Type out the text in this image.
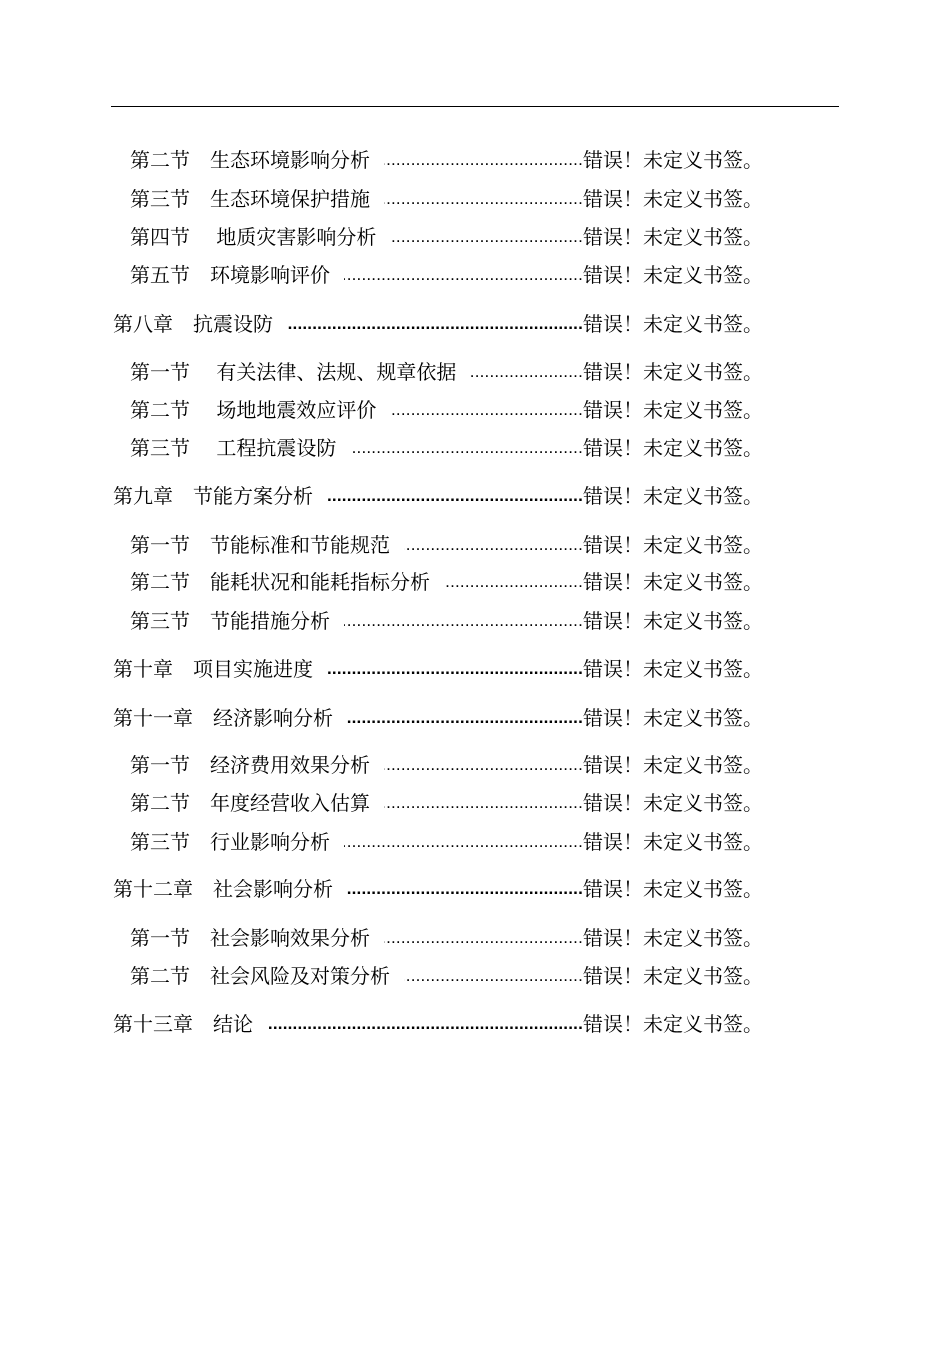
第二节　生态环境影响分析 .....	错误！未定义书签。
第三节　生态环境保护措施 .....	错误！未定义书签。
第四节　 地质灾害影响分析 .....	错误！未定义书签。
第五节　环境影响评价 .....	错误！未定义书签。
第八章　抗震设防 .....	错误！未定义书签。
第一节　 有关法律、法规、规章依据 .....	错误！未定义书签。
第二节　 场地地震效应评价 .....	错误！未定义书签。
第三节　 工程抗震设防 .....	错误！未定义书签。
第九章　节能方案分析 .....	错误！未定义书签。
第一节　节能标准和节能规范 .....	错误！未定义书签。
第二节　能耗状况和能耗指标分析 .....	错误！未定义书签。
第三节　节能措施分析 .....	错误！未定义书签。
第十章　项目实施进度 .....	错误！未定义书签。
第十一章　经济影响分析 .....	错误！未定义书签。
第一节　经济费用效果分析 .....	错误！未定义书签。
第二节　年度经营收入估算 .....	错误！未定义书签。
第三节　行业影响分析 .....	错误！未定义书签。
第十二章　社会影响分析 .....	错误！未定义书签。
第一节　社会影响效果分析 .....	错误！未定义书签。
第二节　社会风险及对策分析 .....	错误！未定义书签。
第十三章　结论 .....	错误！未定义书签。
